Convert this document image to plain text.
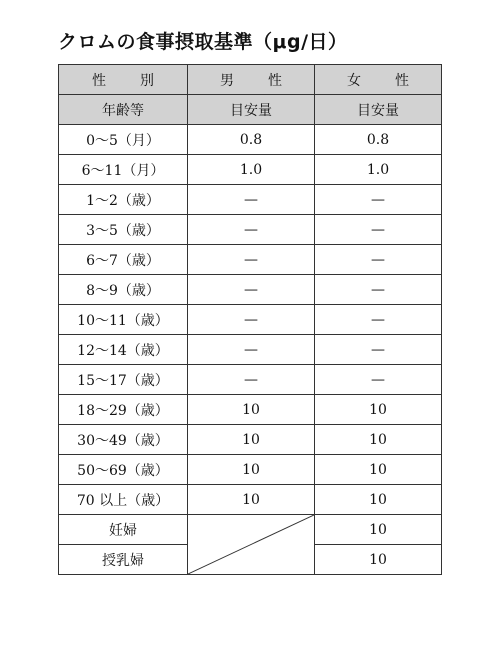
クロムの食事摂取基準（μg/日）
性　別	男　性	女　性
年齢等	目安量	目安量
0～5（月）	0.8	0.8
6～11（月）	1.0	1.0
1～2（歳）	—	—
3～5（歳）	—	—
6～7（歳）	—	—
8～9（歳）	—	—
10～11（歳）	—	—
12～14（歳）	—	—
15～17（歳）	—	—
18～29（歳）	10	10
30～49（歳）	10	10
50～69（歳）	10	10
70 以上（歳）	10	10
妊婦		10
授乳婦		10
